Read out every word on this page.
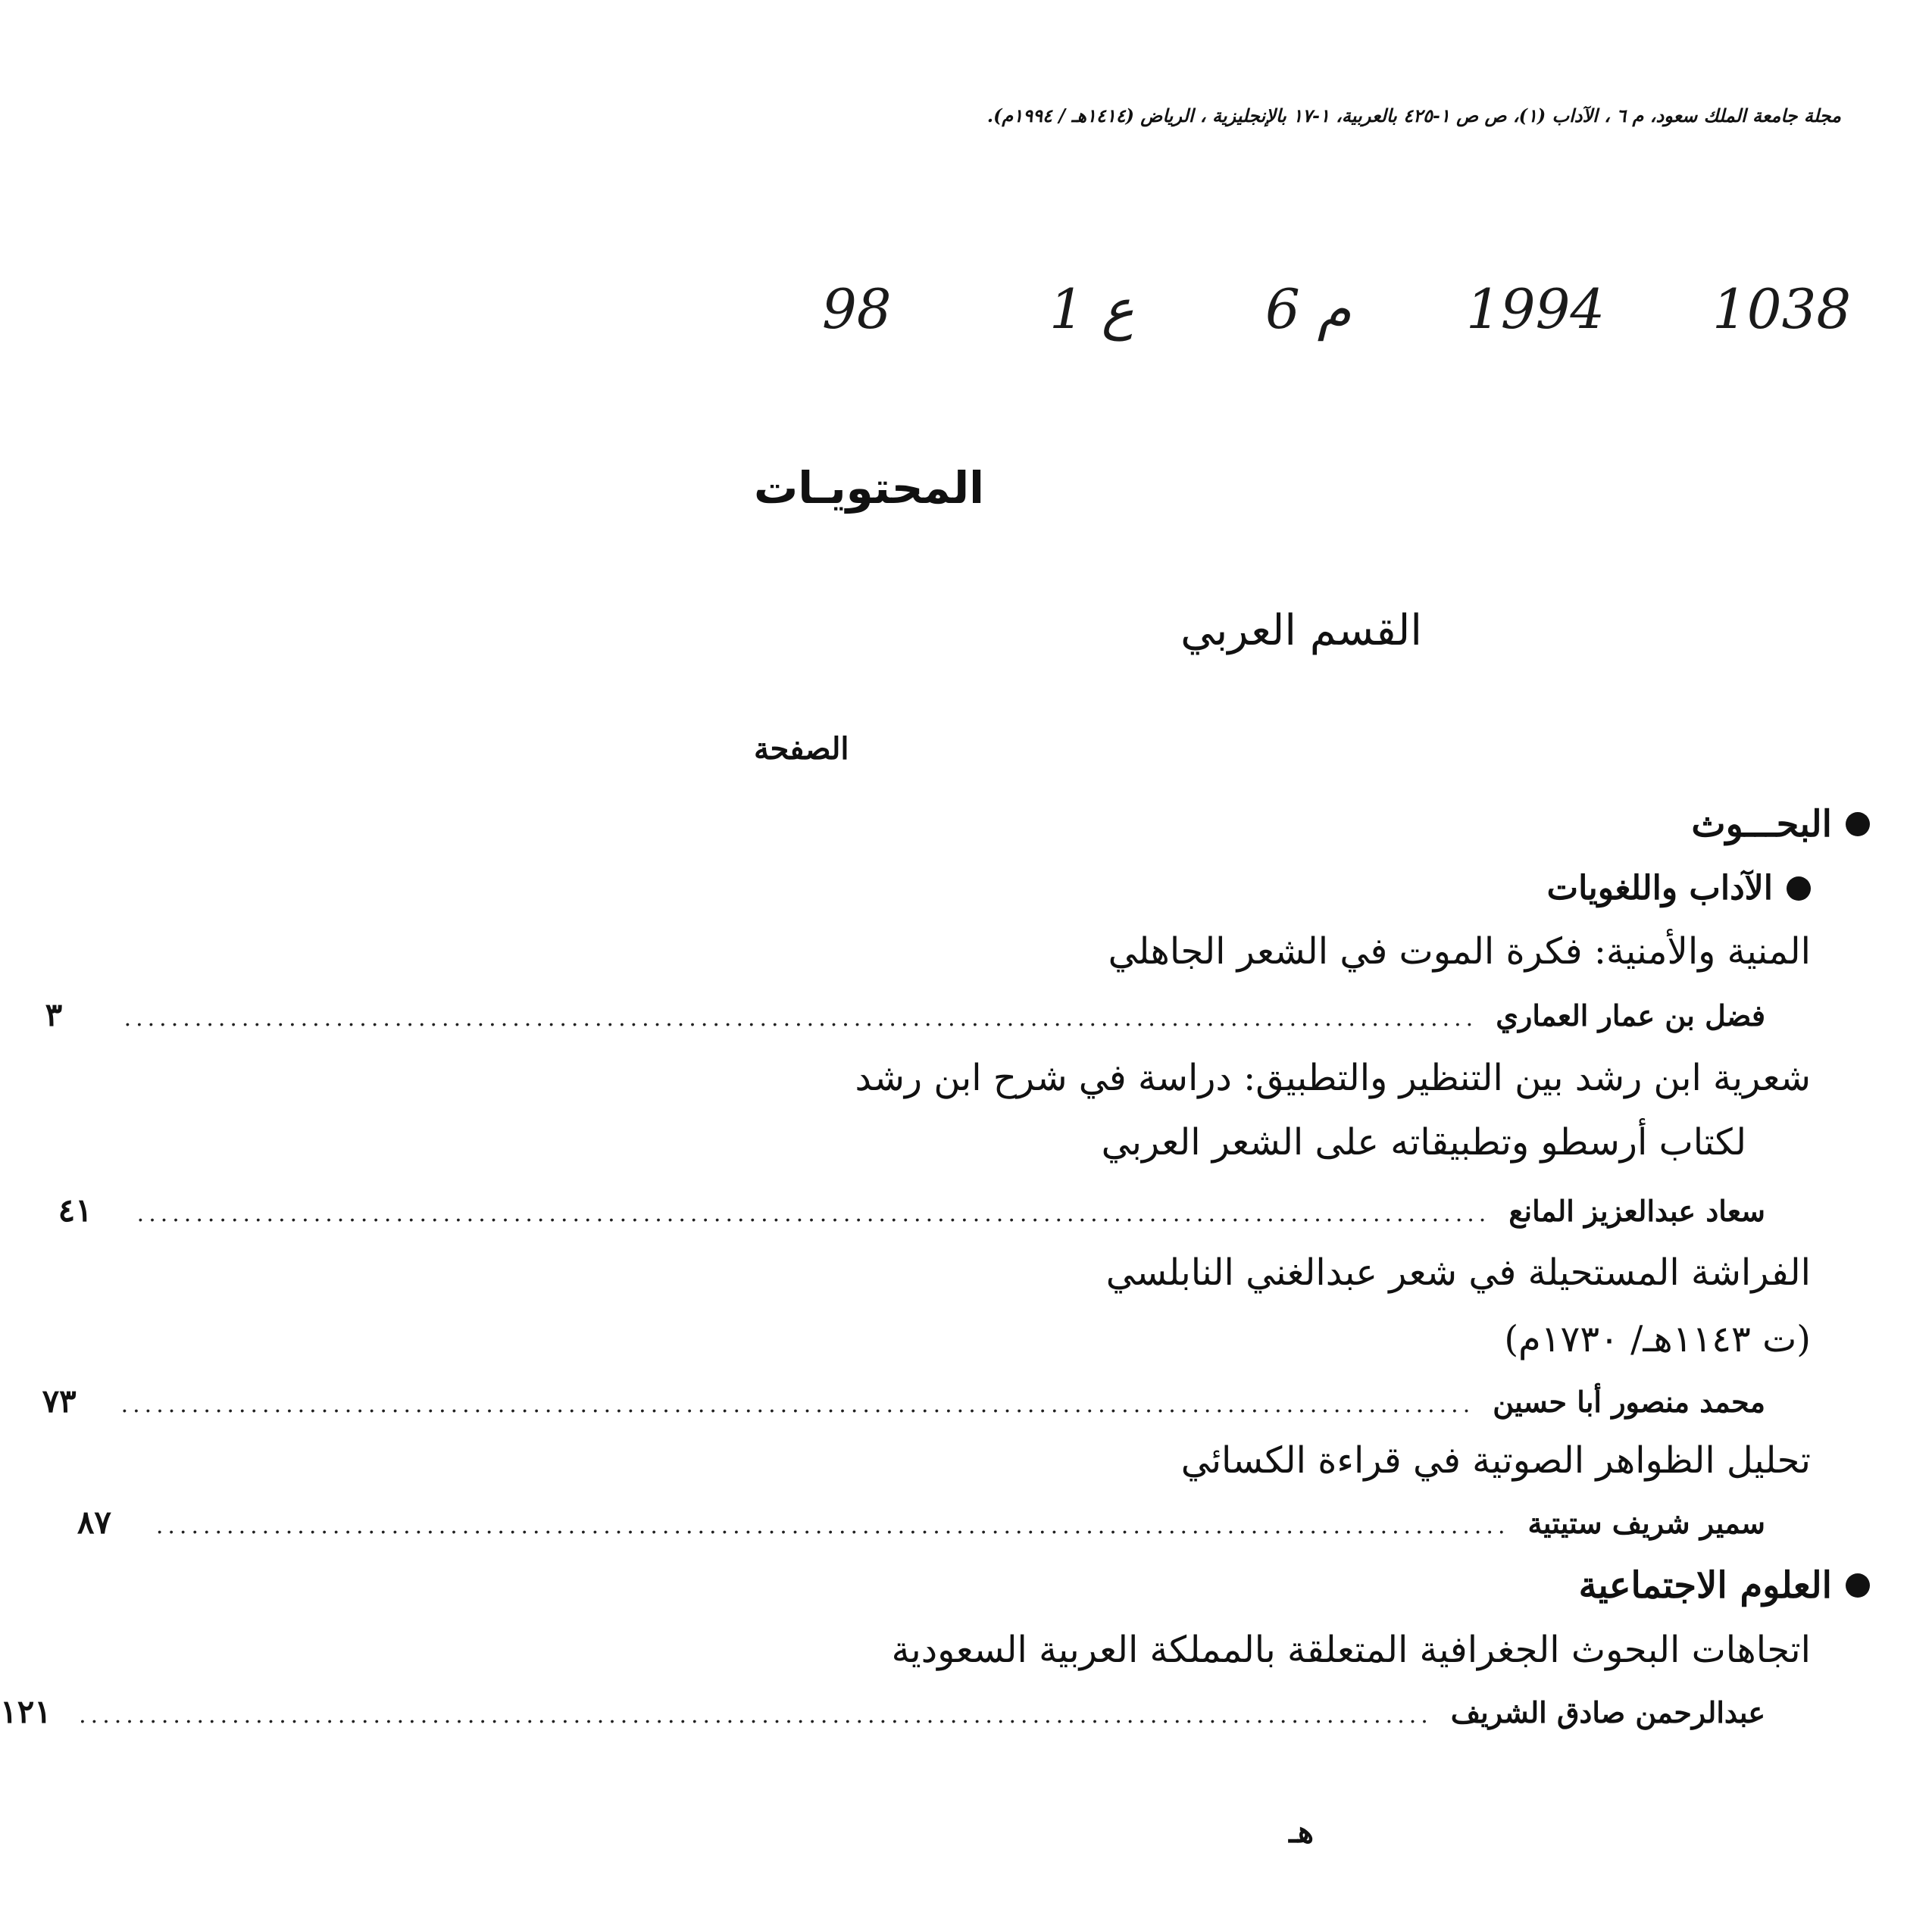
مجلة جامعة الملك سعود، م ٦ ، الآداب (١)، ص ص ١-٤٢٥ بالعربية، ١-١٧ بالإنجليزية ، الرياض (١٤١٤هـ / ١٩٩٤م).
98	ع 1 م 6 1994 1038
المحتويـات
القسم العربي
الصفحة
البحـــوث
الآداب واللغويات
المنية والأمنية: فكرة الموت في الشعر الجاهلي
فضل بن عمار العماري
...................................................................................................................
٣
شعرية ابن رشد بين التنظير والتطبيق: دراسة في شرح ابن رشد
لكتاب أرسطو وتطبيقاته على الشعر العربي
سعاد عبدالعزيز المانع
...................................................................................................................
٤١
الفراشة المستحيلة في شعر عبدالغني النابلسي
(ت ١١٤٣هـ/ ١٧٣٠م)
محمد منصور أبا حسين
...................................................................................................................
٧٣
تحليل الظواهر الصوتية في قراءة الكسائي
سمير شريف ستيتية
...................................................................................................................
٨٧
العلوم الاجتماعية
اتجاهات البحوث الجغرافية المتعلقة بالمملكة العربية السعودية
عبدالرحمن صادق الشريف
...................................................................................................................
١٢١
هـ
